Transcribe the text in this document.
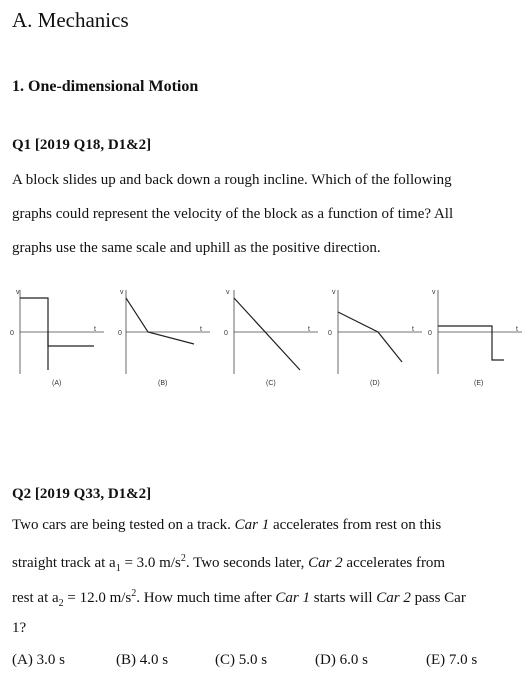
A. Mechanics
1. One-dimensional Motion
Q1 [2019 Q18, D1&2]
A block slides up and back down a rough incline. Which of the following
graphs could represent the velocity of the block as a function of time? All
graphs use the same scale and uphill as the positive direction.
v
0
t
(A)
v
0
t
(B)
v
0
t
(C)
v
0
t
(D)
v
0
t
(E)
Q2 [2019 Q33, D1&2]
Two cars are being tested on a track. Car 1 accelerates from rest on this
straight track at $a_1 = 3.0$ $m/s^2$. Two seconds later, Car 2 accelerates from
rest at $a_2 = 12.0$ $m/s^2$. How much time after Car 1 starts will Car 2 pass Car
1?
(A) 3.0 s	(B) 4.0 s	(C) 5.0 s	(D) 6.0 s	(E) 7.0 s
